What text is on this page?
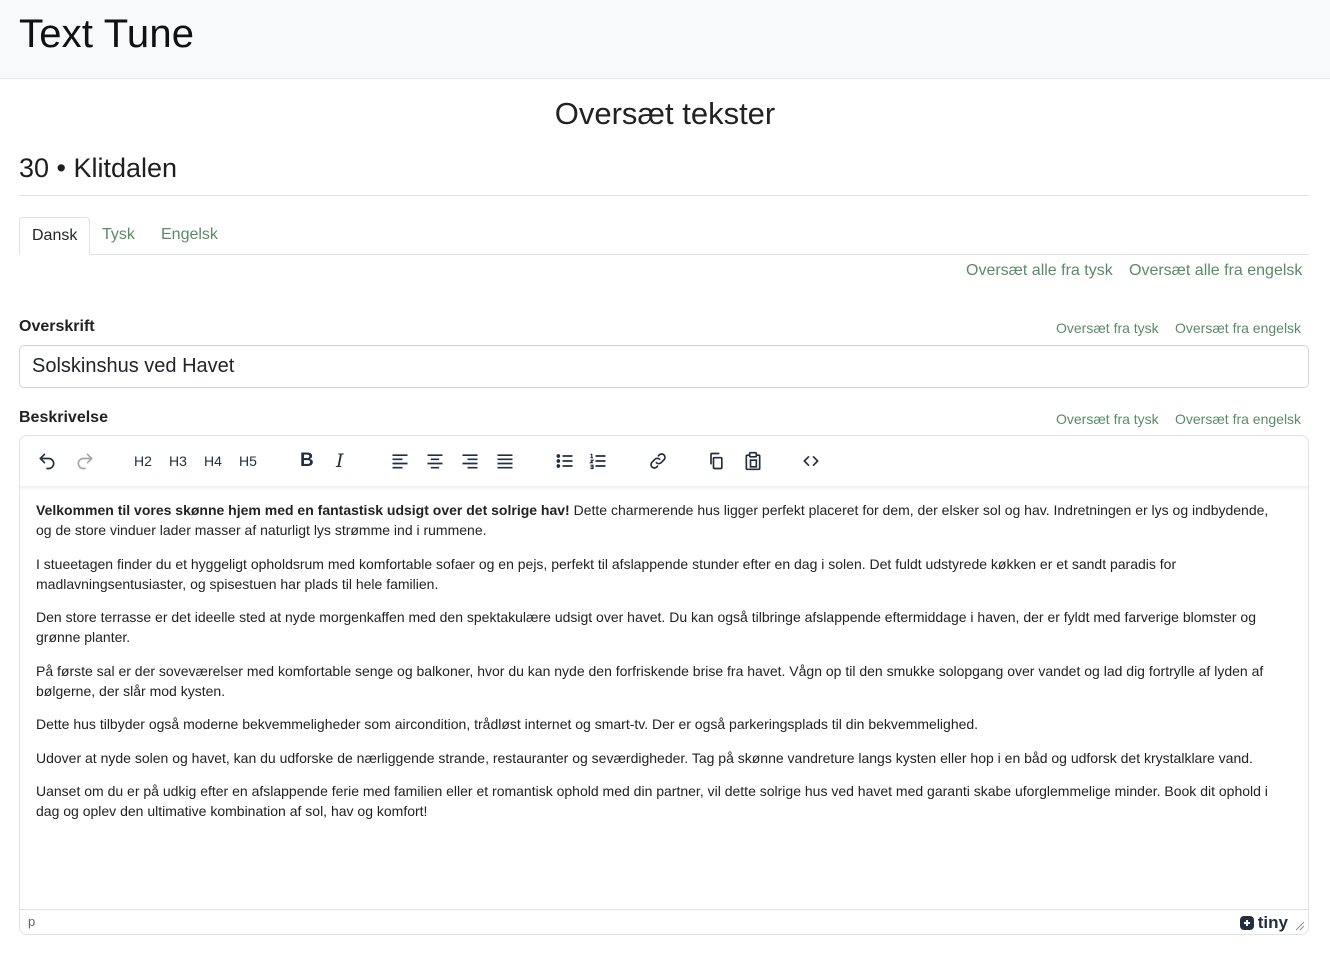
Text Tune
Oversæt tekster
30 • Klitdalen
Dansk	Tysk	Engelsk
Oversæt alle fra tysk Oversæt alle fra engelsk
Overskrift	Oversæt fra tysk Oversæt fra engelsk
Solskinshus ved Havet
Beskrivelse	Oversæt fra tysk Oversæt fra engelsk
H2 H3 H4 H5 B I

Velkommen til vores skønne hjem med en fantastisk udsigt over det solrige hav! Dette charmerende hus ligger perfekt placeret for dem, der elsker sol og hav. Indretningen er lys og indbydende, og de store vinduer lader masser af naturligt lys strømme ind i rummene.

I stueetagen finder du et hyggeligt opholdsrum med komfortable sofaer og en pejs, perfekt til afslappende stunder efter en dag i solen. Det fuldt udstyrede køkken er et sandt paradis for madlavningsentusiaster, og spisestuen har plads til hele familien.

Den store terrasse er det ideelle sted at nyde morgenkaffen med den spektakulære udsigt over havet. Du kan også tilbringe afslappende eftermiddage i haven, der er fyldt med farverige blomster og grønne planter.

På første sal er der soveværelser med komfortable senge og balkoner, hvor du kan nyde den forfriskende brise fra havet. Vågn op til den smukke solopgang over vandet og lad dig fortrylle af lyden af bølgerne, der slår mod kysten.

Dette hus tilbyder også moderne bekvemmeligheder som aircondition, trådløst internet og smart-tv. Der er også parkeringsplads til din bekvemmelighed.

Udover at nyde solen og havet, kan du udforske de nærliggende strande, restauranter og seværdigheder. Tag på skønne vandreture langs kysten eller hop i en båd og udforsk det krystalklare vand.

Uanset om du er på udkig efter en afslappende ferie med familien eller et romantisk ophold med din partner, vil dette solrige hus ved havet med garanti skabe uforglemmelige minder. Book dit ophold i dag og oplev den ultimative kombination af sol, hav og komfort!

p	tiny
